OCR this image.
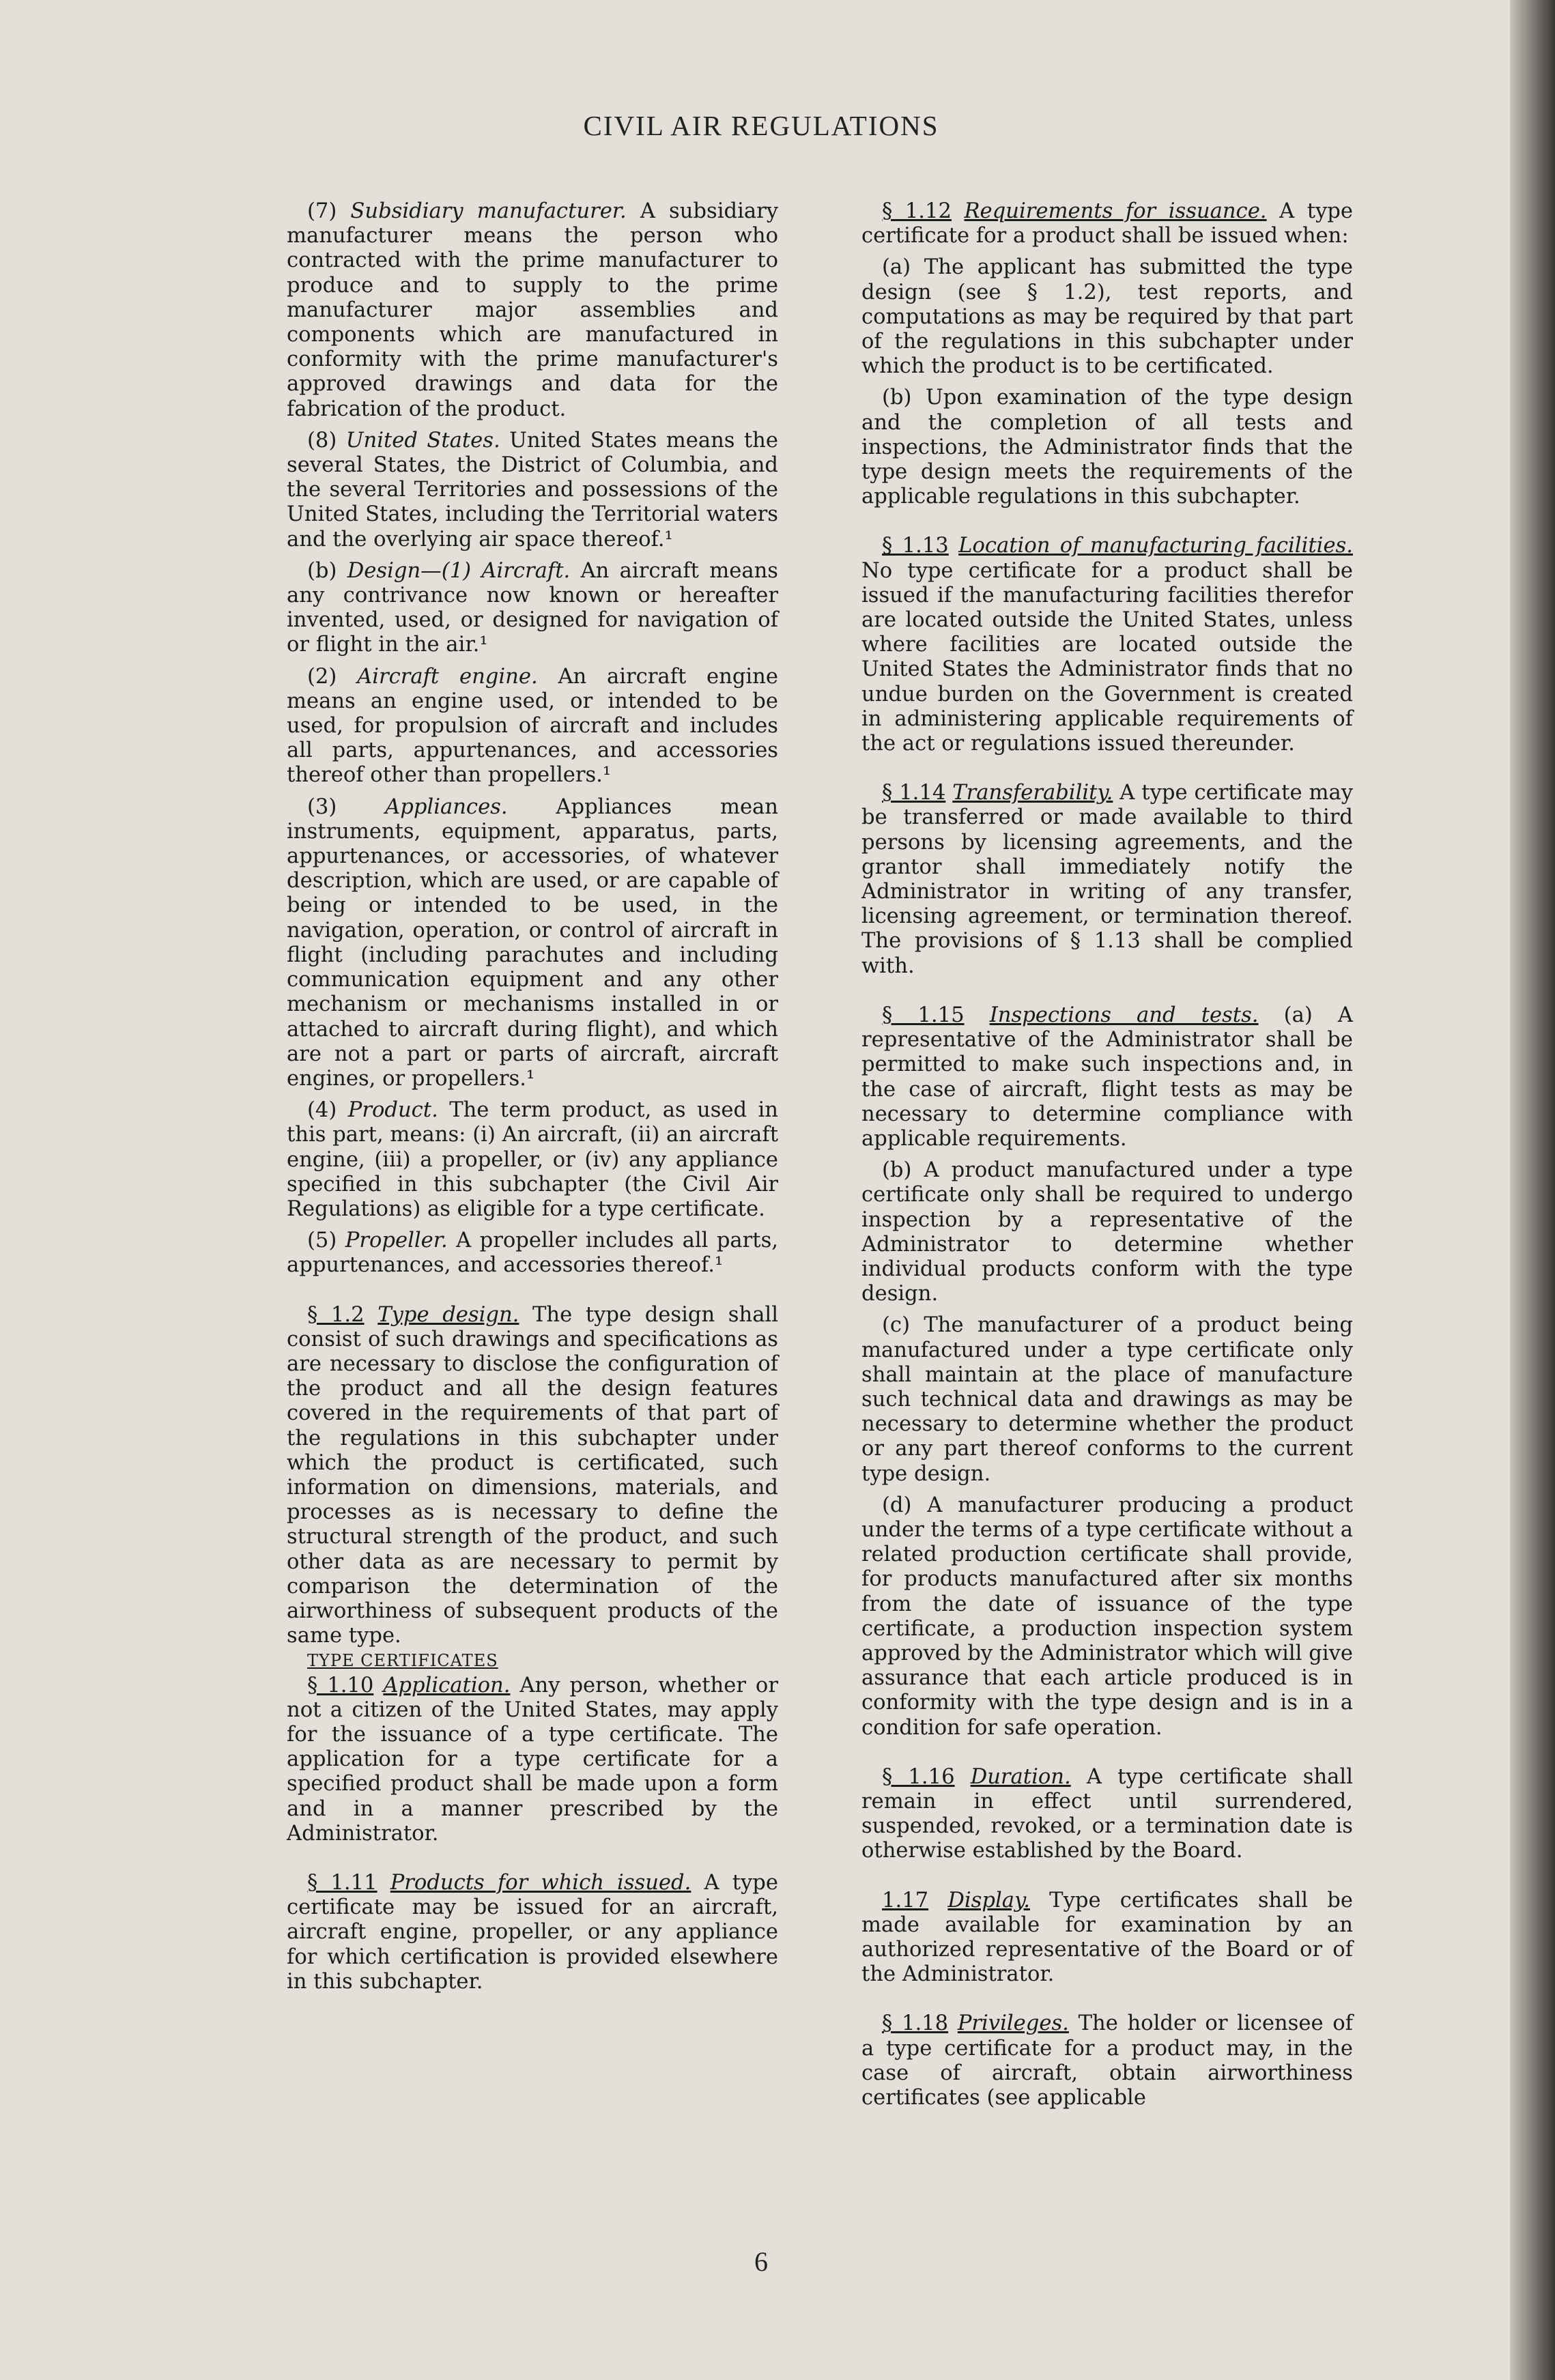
CIVIL AIR REGULATIONS

(7) Subsidiary manufacturer. A subsidiary manufacturer means the person who contracted with the prime manufacturer to produce and to supply to the prime manufacturer major assemblies and components which are manufactured in conformity with the prime manufacturer's approved drawings and data for the fabrication of the product.

(8) United States. United States means the several States, the District of Columbia, and the several Territories and possessions of the United States, including the Territorial waters and the overlying air space thereof.¹

(b) Design—(1) Aircraft. An aircraft means any contrivance now known or hereafter invented, used, or designed for navigation of or flight in the air.¹

(2) Aircraft engine. An aircraft engine means an engine used, or intended to be used, for propulsion of aircraft and includes all parts, appurtenances, and accessories thereof other than propellers.¹

(3) Appliances. Appliances mean instruments, equipment, apparatus, parts, appurtenances, or accessories, of whatever description, which are used, or are capable of being or intended to be used, in the navigation, operation, or control of aircraft in flight (including parachutes and including communication equipment and any other mechanism or mechanisms installed in or attached to aircraft during flight), and which are not a part or parts of aircraft, aircraft engines, or propellers.¹

(4) Product. The term product, as used in this part, means: (i) An aircraft, (ii) an aircraft engine, (iii) a propeller, or (iv) any appliance specified in this subchapter (the Civil Air Regulations) as eligible for a type certificate.

(5) Propeller. A propeller includes all parts, appurtenances, and accessories thereof.¹

§ 1.2 Type design. The type design shall consist of such drawings and specifications as are necessary to disclose the configuration of the product and all the design features covered in the requirements of that part of the regulations in this subchapter under which the product is certificated, such information on dimensions, materials, and processes as is necessary to define the structural strength of the product, and such other data as are necessary to permit by comparison the determination of the airworthiness of subsequent products of the same type.

TYPE CERTIFICATES

§ 1.10 Application. Any person, whether or not a citizen of the United States, may apply for the issuance of a type certificate. The application for a type certificate for a specified product shall be made upon a form and in a manner prescribed by the Administrator.

§ 1.11 Products for which issued. A type certificate may be issued for an aircraft, aircraft engine, propeller, or any appliance for which certification is provided elsewhere in this subchapter.

§ 1.12 Requirements for issuance. A type certificate for a product shall be issued when:

(a) The applicant has submitted the type design (see § 1.2), test reports, and computations as may be required by that part of the regulations in this subchapter under which the product is to be certificated.

(b) Upon examination of the type design and the completion of all tests and inspections, the Administrator finds that the type design meets the requirements of the applicable regulations in this subchapter.

§ 1.13 Location of manufacturing facilities. No type certificate for a product shall be issued if the manufacturing facilities therefor are located outside the United States, unless where facilities are located outside the United States the Administrator finds that no undue burden on the Government is created in administering applicable requirements of the act or regulations issued thereunder.

§ 1.14 Transferability. A type certificate may be transferred or made available to third persons by licensing agreements, and the grantor shall immediately notify the Administrator in writing of any transfer, licensing agreement, or termination thereof. The provisions of § 1.13 shall be complied with.

§ 1.15 Inspections and tests. (a) A representative of the Administrator shall be permitted to make such inspections and, in the case of aircraft, flight tests as may be necessary to determine compliance with applicable requirements.

(b) A product manufactured under a type certificate only shall be required to undergo inspection by a representative of the Administrator to determine whether individual products conform with the type design.

(c) The manufacturer of a product being manufactured under a type certificate only shall maintain at the place of manufacture such technical data and drawings as may be necessary to determine whether the product or any part thereof conforms to the current type design.

(d) A manufacturer producing a product under the terms of a type certificate without a related production certificate shall provide, for products manufactured after six months from the date of issuance of the type certificate, a production inspection system approved by the Administrator which will give assurance that each article produced is in conformity with the type design and is in a condition for safe operation.

§ 1.16 Duration. A type certificate shall remain in effect until surrendered, suspended, revoked, or a termination date is otherwise established by the Board.

1.17 Display. Type certificates shall be made available for examination by an authorized representative of the Board or of the Administrator.

§ 1.18 Privileges. The holder or licensee of a type certificate for a product may, in the case of aircraft, obtain airworthiness certificates (see applicable

6
